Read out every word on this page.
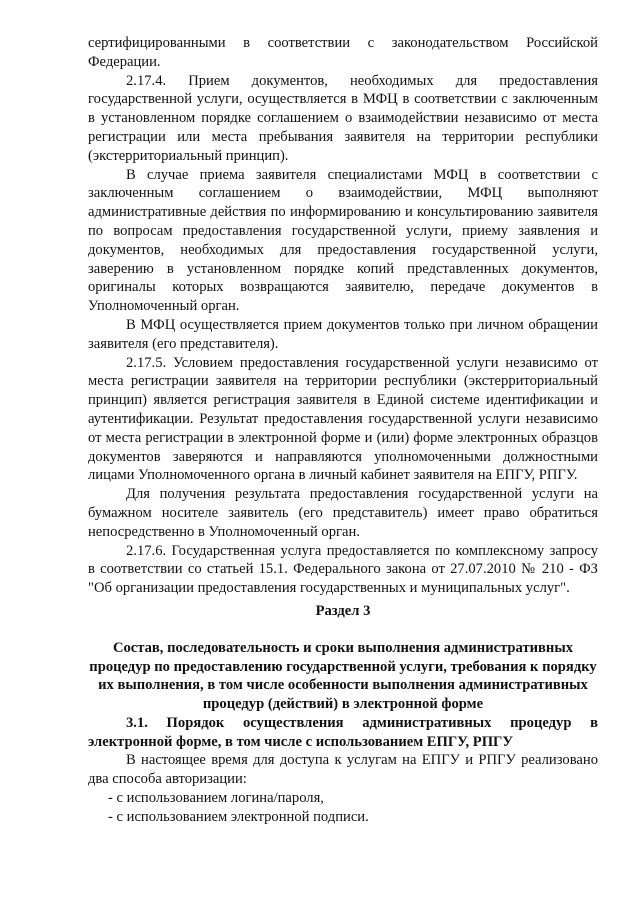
сертифицированными в соответствии с законодательством Российской Федерации.

2.17.4. Прием документов, необходимых для предоставления государственной услуги, осуществляется в МФЦ в соответствии с заключенным в установленном порядке соглашением о взаимодействии независимо от места регистрации или места пребывания заявителя на территории республики (экстерриториальный принцип).

В случае приема заявителя специалистами МФЦ в соответствии с заключенным соглашением о взаимодействии, МФЦ выполняют административные действия по информированию и консультированию заявителя по вопросам предоставления государственной услуги, приему заявления и документов, необходимых для предоставления государственной услуги, заверению в установленном порядке копий представленных документов, оригиналы которых возвращаются заявителю, передаче документов в Уполномоченный орган.

В МФЦ осуществляется прием документов только при личном обращении заявителя (его представителя).

2.17.5. Условием предоставления государственной услуги независимо от места регистрации заявителя на территории республики (экстерриториальный принцип) является регистрация заявителя в Единой системе идентификации и аутентификации. Результат предоставления государственной услуги независимо от места регистрации в электронной форме и (или) форме электронных образцов документов заверяются и направляются уполномоченными должностными лицами Уполномоченного органа в личный кабинет заявителя на ЕПГУ, РПГУ.

Для получения результата предоставления государственной услуги на бумажном носителе заявитель (его представитель) имеет право обратиться непосредственно в Уполномоченный орган.

2.17.6. Государственная услуга предоставляется по комплексному запросу в соответствии со статьей 15.1. Федерального закона от 27.07.2010 № 210 - ФЗ "Об организации предоставления государственных и муниципальных услуг".

Раздел 3

Состав, последовательность и сроки выполнения административных процедур по предоставлению государственной услуги, требования к порядку их выполнения, в том числе особенности выполнения административных процедур (действий) в электронной форме

3.1. Порядок осуществления административных процедур в электронной форме, в том числе с использованием ЕПГУ, РПГУ

В настоящее время для доступа к услугам на ЕПГУ и РПГУ реализовано два способа авторизации:

- с использованием логина/пароля,

- с использованием электронной подписи.
